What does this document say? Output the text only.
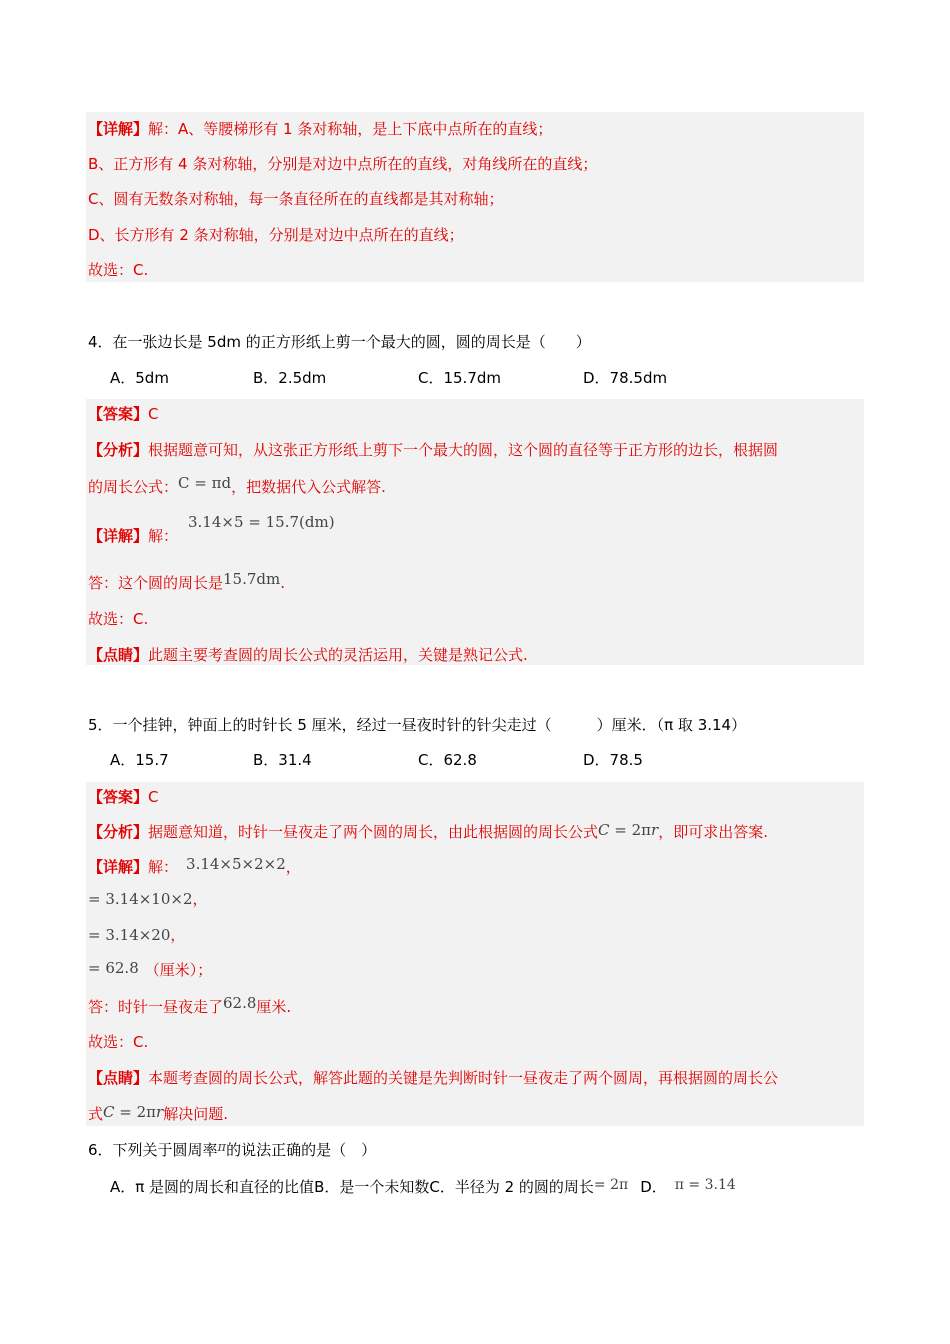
【详解】解：A、等腰梯形有 1 条对称轴，是上下底中点所在的直线；
B、正方形有 4 条对称轴，分别是对边中点所在的直线，对角线所在的直线；
C、圆有无数条对称轴，每一条直径所在的直线都是其对称轴；
D、长方形有 2 条对称轴，分别是对边中点所在的直线；
故选：C.
4．在一张边长是 5dm 的正方形纸上剪一个最大的圆，圆的周长是（　　）
A．5dm	B．2.5dm	C．15.7dm	D．78.5dm
【答案】C
【分析】根据题意可知，从这张正方形纸上剪下一个最大的圆，这个圆的直径等于正方形的边长，根据圆
的周长公式：C = πd，把数据代入公式解答.
【详解】解：
3.14×5 = 15.7(dm)
答：这个圆的周长是15.7dm.
故选：C.
【点睛】此题主要考查圆的周长公式的灵活运用，关键是熟记公式.
5．一个挂钟，钟面上的时针长 5 厘米，经过一昼夜时针的针尖走过（　　　）厘米．（π 取 3.14）
A．15.7	B．31.4	C．62.8	D．78.5
【答案】C
【分析】据题意知道，时针一昼夜走了两个圆的周长，由此根据圆的周长公式C = 2πr，即可求出答案.
【详解】解： 3.14×5×2×2，
= 3.14×10×2，
= 3.14×20，
= 62.8 （厘米）；
答：时针一昼夜走了62.8厘米.
故选：C.
【点睛】本题考查圆的周长公式，解答此题的关键是先判断时针一昼夜走了两个圆周，再根据圆的周长公
式C = 2πr解决问题.
6．下列关于圆周率π的说法正确的是（　）
A．π 是圆的周长和直径的比值B．是一个未知数C．半径为 2 的圆的周长= 2π D． π = 3.14
